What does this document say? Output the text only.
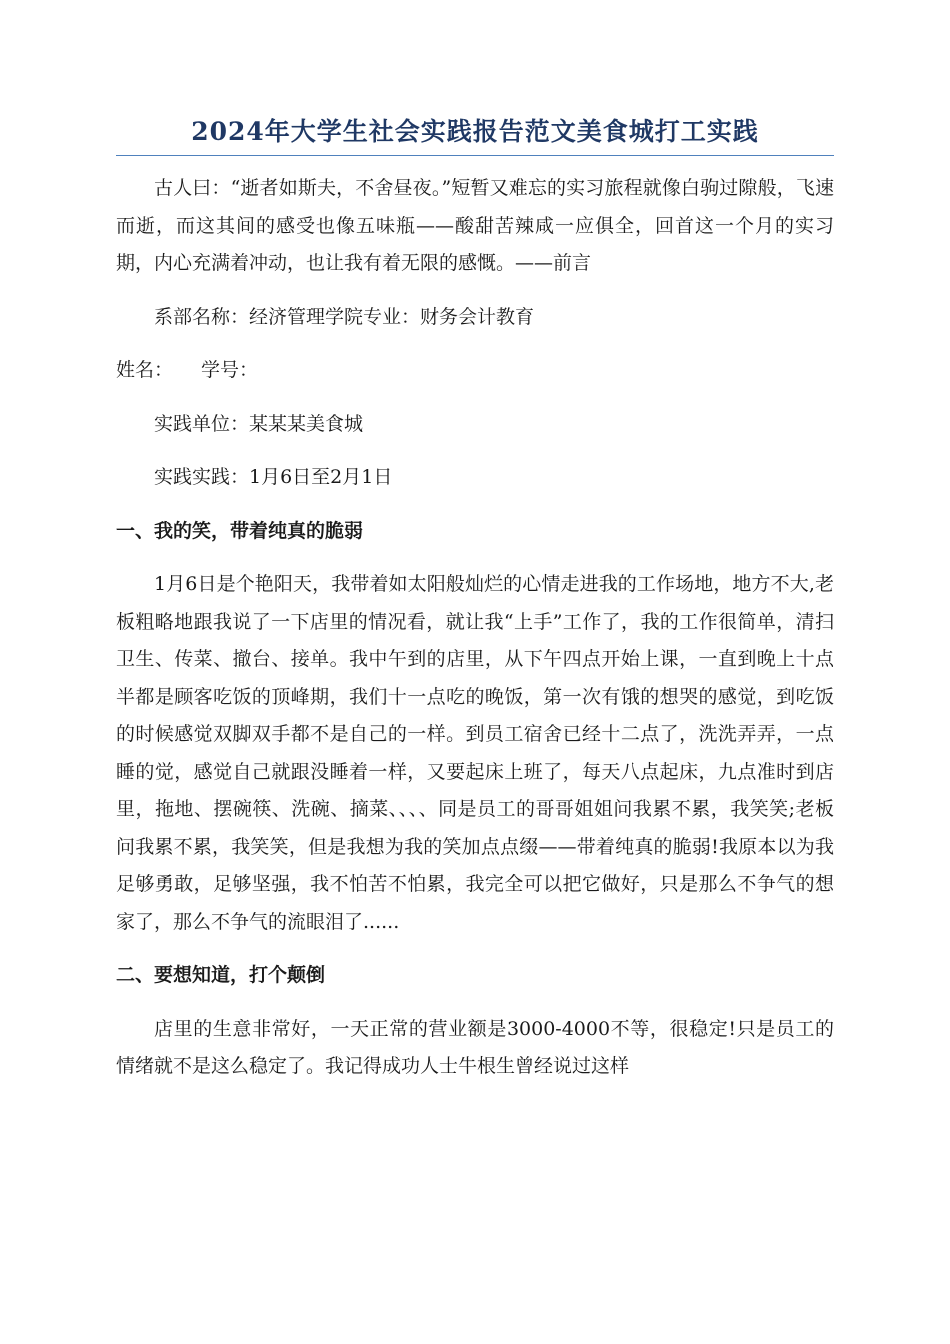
2024年大学生社会实践报告范文美食城打工实践

古人曰：“逝者如斯夫，不舍昼夜。”短暂又难忘的实习旅程就像白驹过隙般，飞速而逝，而这其间的感受也像五味瓶——酸甜苦辣咸一应俱全，回首这一个月的实习期，内心充满着冲动，也让我有着无限的感慨。——前言

系部名称：经济管理学院专业：财务会计教育

姓名： 学号：

实践单位：某某某美食城

实践实践：1月6日至2月1日

一、我的笑，带着纯真的脆弱

1月6日是个艳阳天，我带着如太阳般灿烂的心情走进我的工作场地，地方不大,老板粗略地跟我说了一下店里的情况看，就让我“上手”工作了，我的工作很简单，清扫卫生、传菜、撤台、接单。我中午到的店里，从下午四点开始上课，一直到晚上十点半都是顾客吃饭的顶峰期，我们十一点吃的晚饭，第一次有饿的想哭的感觉，到吃饭的时候感觉双脚双手都不是自己的一样。到员工宿舍已经十二点了，洗洗弄弄，一点睡的觉，感觉自己就跟没睡着一样，又要起床上班了，每天八点起床，九点准时到店里，拖地、摆碗筷、洗碗、摘菜、、、、同是员工的哥哥姐姐问我累不累，我笑笑;老板问我累不累，我笑笑，但是我想为我的笑加点点缀——带着纯真的脆弱!我原本以为我足够勇敢，足够坚强，我不怕苦不怕累，我完全可以把它做好，只是那么不争气的想家了，那么不争气的流眼泪了......

二、要想知道，打个颠倒

店里的生意非常好，一天正常的营业额是3000-4000不等，很稳定!只是员工的情绪就不是这么稳定了。我记得成功人士牛根生曾经说过这样
